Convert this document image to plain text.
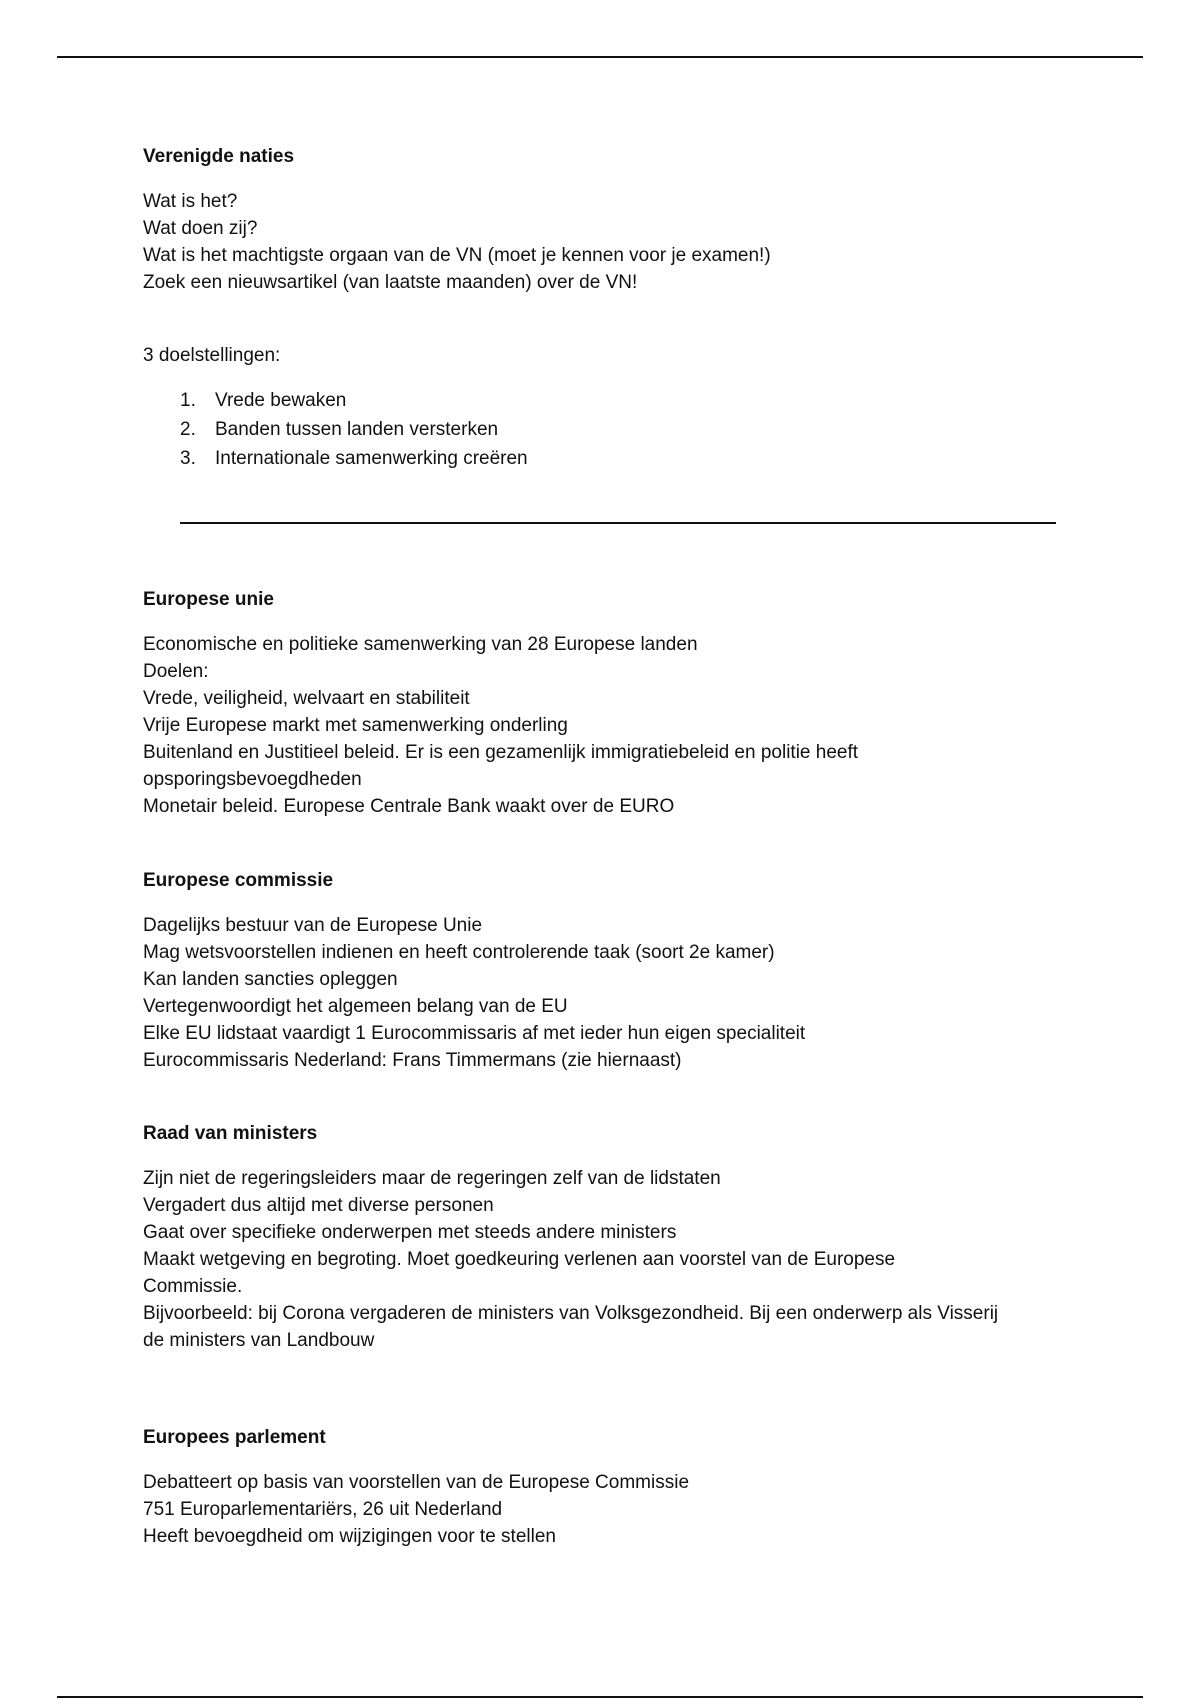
Verenigde naties

Wat is het?

Wat doen zij?

Wat is het machtigste orgaan van de VN (moet je kennen voor je examen!)

Zoek een nieuwsartikel (van laatste maanden) over de VN!

3 doelstellingen:

1. Vrede bewaken
2. Banden tussen landen versterken
3. Internationale samenwerking creëren

Europese unie

Economische en politieke samenwerking van 28 Europese landen

Doelen:

Vrede, veiligheid, welvaart en stabiliteit

Vrije Europese markt met samenwerking onderling

Buitenland en Justitieel beleid. Er is een gezamenlijk immigratiebeleid en politie heeft

opsporingsbevoegdheden

Monetair beleid. Europese Centrale Bank waakt over de EURO

Europese commissie

Dagelijks bestuur van de Europese Unie

Mag wetsvoorstellen indienen en heeft controlerende taak (soort 2e kamer)

Kan landen sancties opleggen

Vertegenwoordigt het algemeen belang van de EU

Elke EU lidstaat vaardigt 1 Eurocommissaris af met ieder hun eigen specialiteit

Eurocommissaris Nederland: Frans Timmermans (zie hiernaast)

Raad van ministers

Zijn niet de regeringsleiders maar de regeringen zelf van de lidstaten

Vergadert dus altijd met diverse personen

Gaat over specifieke onderwerpen met steeds andere ministers

Maakt wetgeving en begroting. Moet goedkeuring verlenen aan voorstel van de Europese

Commissie.

Bijvoorbeeld: bij Corona vergaderen de ministers van Volksgezondheid. Bij een onderwerp als Visserij

de ministers van Landbouw

Europees parlement

Debatteert op basis van voorstellen van de Europese Commissie

751 Europarlementariërs, 26 uit Nederland

Heeft bevoegdheid om wijzigingen voor te stellen
